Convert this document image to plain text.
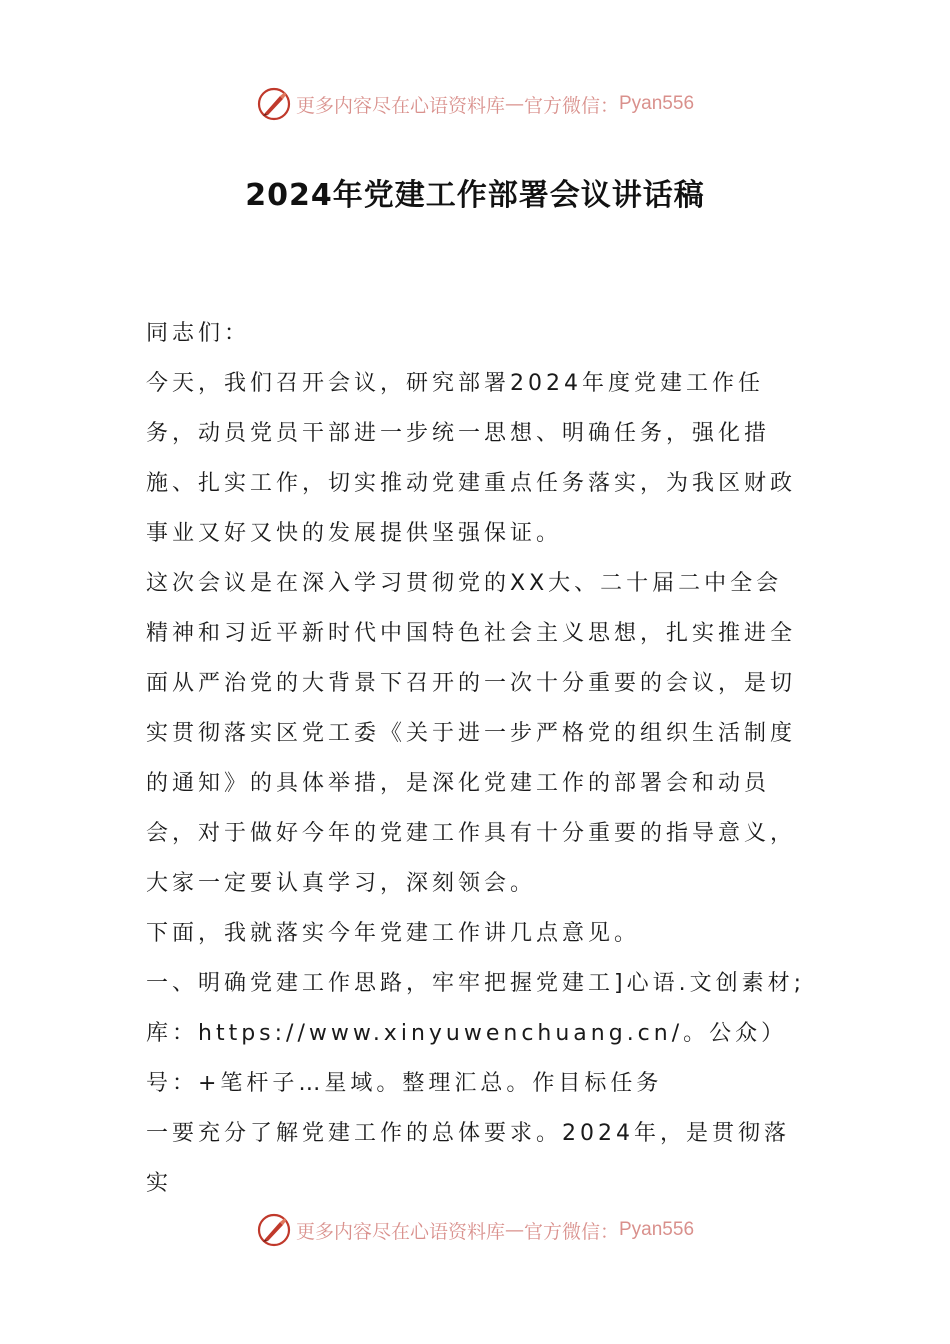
更多内容尽在心语资料库 — 官方微信： Pyan556
2024年党建工作部署会议讲话稿

同志们：

今天，我们召开会议，研究部署2024年度党建工作任务，动员党员干部进一步统一思想、明确任务，强化措施、扎实工作，切实推动党建重点任务落实，为我区财政事业又好又快的发展提供坚强保证。

这次会议是在深入学习贯彻党的XX大、二十届二中全会精神和习近平新时代中国特色社会主义思想，扎实推进全面从严治党的大背景下召开的一次十分重要的会议，是切实贯彻落实区党工委《关于进一步严格党的组织生活制度的通知》的具体举措，是深化党建工作的部署会和动员会，对于做好今年的党建工作具有十分重要的指导意义，大家一定要认真学习，深刻领会。

下面，我就落实今年党建工作讲几点意见。

一、明确党建工作思路，牢牢把握党建工]心语.文创素材;库：https://www.xinyuwenchuang.cn/。公众）号：+笔杆子…星域。整理汇总。作目标任务

一要充分了解党建工作的总体要求。2024年，是贯彻落实

更多内容尽在心语资料库 — 官方微信： Pyan556
